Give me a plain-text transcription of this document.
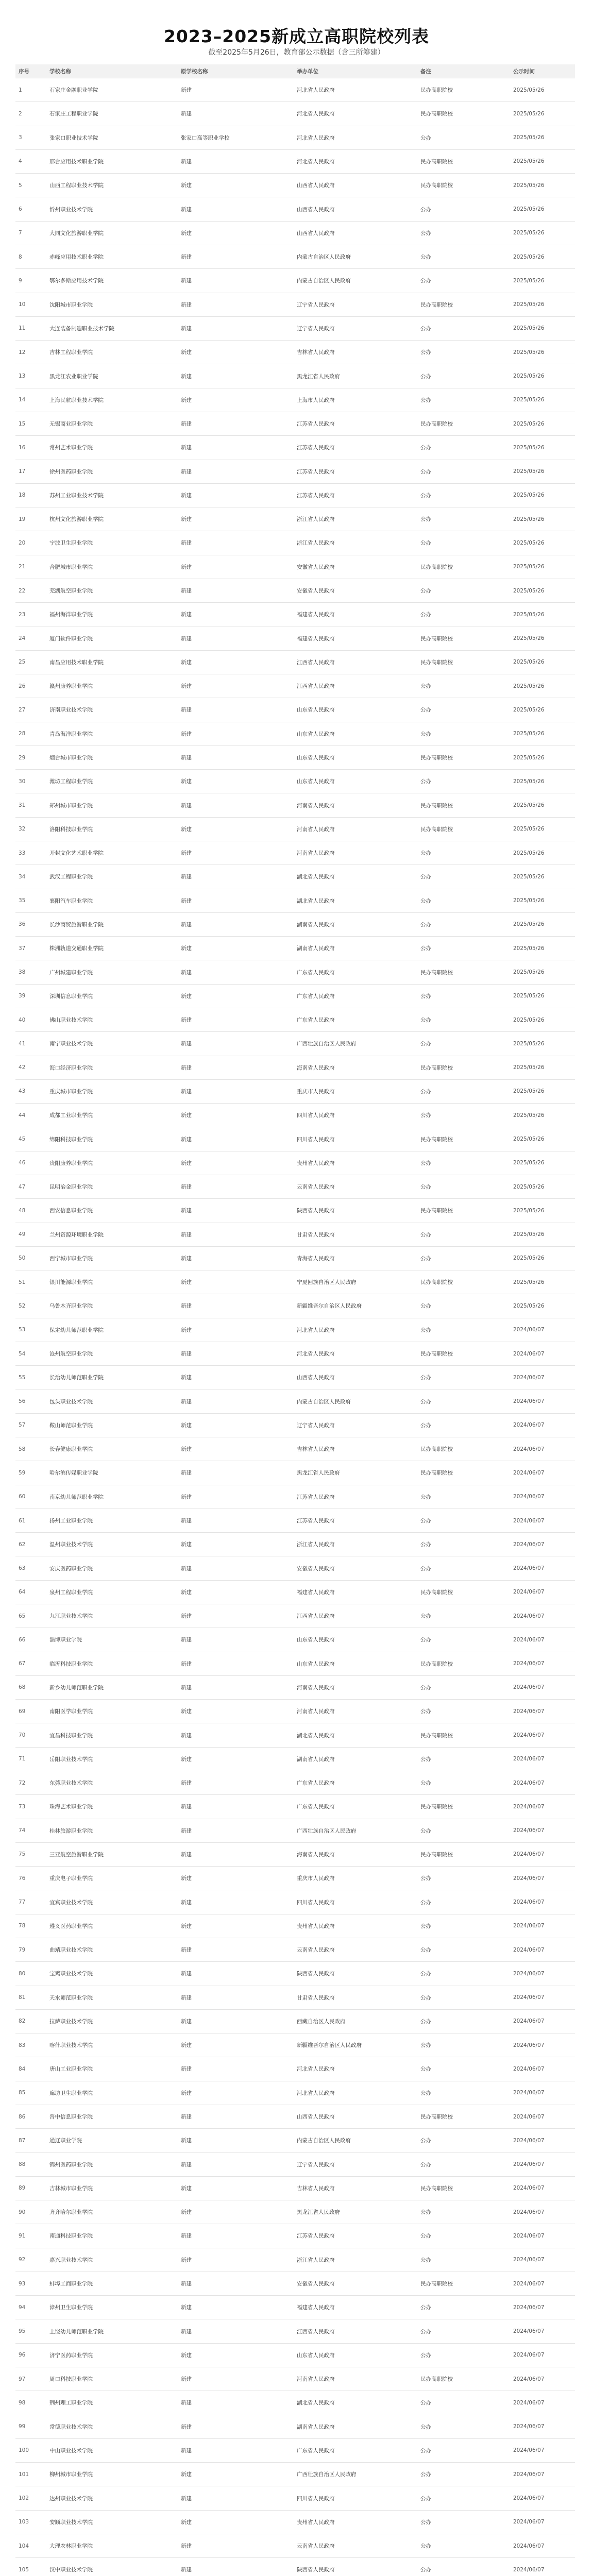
2023–2025新成立高职院校列表
截至2025年5月26日，教育部公示数据（含三所筹建）
序号	学校名称	原学校名称	举办单位	备注	公示时间
1	石家庄金融职业学院	新建	河北省人民政府	民办高职院校	2025/05/26
2	石家庄工程职业学院	新建	河北省人民政府	民办高职院校	2025/05/26
3	张家口职业技术学院	张家口高等职业学校	河北省人民政府	公办	2025/05/26
4	邢台应用技术职业学院	新建	河北省人民政府	民办高职院校	2025/05/26
5	山西工程职业技术学院	新建	山西省人民政府	民办高职院校	2025/05/26
6	忻州职业技术学院	新建	山西省人民政府	公办	2025/05/26
7	大同文化旅游职业学院	新建	山西省人民政府	公办	2025/05/26
8	赤峰应用技术职业学院	新建	内蒙古自治区人民政府	公办	2025/05/26
9	鄂尔多斯应用技术学院	新建	内蒙古自治区人民政府	公办	2025/05/26
10	沈阳城市职业学院	新建	辽宁省人民政府	民办高职院校	2025/05/26
11	大连装备制造职业技术学院	新建	辽宁省人民政府	公办	2025/05/26
12	吉林工程职业学院	新建	吉林省人民政府	公办	2025/05/26
13	黑龙江农业职业学院	新建	黑龙江省人民政府	公办	2025/05/26
14	上海民航职业技术学院	新建	上海市人民政府	公办	2025/05/26
15	无锡商业职业学院	新建	江苏省人民政府	民办高职院校	2025/05/26
16	常州艺术职业学院	新建	江苏省人民政府	公办	2025/05/26
17	徐州医药职业学院	新建	江苏省人民政府	公办	2025/05/26
18	苏州工业职业技术学院	新建	江苏省人民政府	公办	2025/05/26
19	杭州文化旅游职业学院	新建	浙江省人民政府	公办	2025/05/26
20	宁波卫生职业学院	新建	浙江省人民政府	公办	2025/05/26
21	合肥城市职业学院	新建	安徽省人民政府	民办高职院校	2025/05/26
22	芜湖航空职业学院	新建	安徽省人民政府	公办	2025/05/26
23	福州海洋职业学院	新建	福建省人民政府	公办	2025/05/26
24	厦门软件职业学院	新建	福建省人民政府	民办高职院校	2025/05/26
25	南昌应用技术职业学院	新建	江西省人民政府	民办高职院校	2025/05/26
26	赣州康养职业学院	新建	江西省人民政府	公办	2025/05/26
27	济南职业技术学院	新建	山东省人民政府	公办	2025/05/26
28	青岛海洋职业学院	新建	山东省人民政府	公办	2025/05/26
29	烟台城市职业学院	新建	山东省人民政府	民办高职院校	2025/05/26
30	潍坊工程职业学院	新建	山东省人民政府	公办	2025/05/26
31	郑州城市职业学院	新建	河南省人民政府	民办高职院校	2025/05/26
32	洛阳科技职业学院	新建	河南省人民政府	民办高职院校	2025/05/26
33	开封文化艺术职业学院	新建	河南省人民政府	公办	2025/05/26
34	武汉工程职业学院	新建	湖北省人民政府	公办	2025/05/26
35	襄阳汽车职业学院	新建	湖北省人民政府	公办	2025/05/26
36	长沙商贸旅游职业学院	新建	湖南省人民政府	公办	2025/05/26
37	株洲轨道交通职业学院	新建	湖南省人民政府	公办	2025/05/26
38	广州城建职业学院	新建	广东省人民政府	民办高职院校	2025/05/26
39	深圳信息职业学院	新建	广东省人民政府	公办	2025/05/26
40	佛山职业技术学院	新建	广东省人民政府	公办	2025/05/26
41	南宁职业技术学院	新建	广西壮族自治区人民政府	公办	2025/05/26
42	海口经济职业学院	新建	海南省人民政府	民办高职院校	2025/05/26
43	重庆城市职业学院	新建	重庆市人民政府	公办	2025/05/26
44	成都工业职业学院	新建	四川省人民政府	公办	2025/05/26
45	绵阳科技职业学院	新建	四川省人民政府	民办高职院校	2025/05/26
46	贵阳康养职业学院	新建	贵州省人民政府	公办	2025/05/26
47	昆明冶金职业学院	新建	云南省人民政府	公办	2025/05/26
48	西安信息职业学院	新建	陕西省人民政府	民办高职院校	2025/05/26
49	兰州资源环境职业学院	新建	甘肃省人民政府	公办	2025/05/26
50	西宁城市职业学院	新建	青海省人民政府	公办	2025/05/26
51	银川能源职业学院	新建	宁夏回族自治区人民政府	民办高职院校	2025/05/26
52	乌鲁木齐职业学院	新建	新疆维吾尔自治区人民政府	公办	2025/05/26
53	保定幼儿师范职业学院	新建	河北省人民政府	公办	2024/06/07
54	沧州航空职业学院	新建	河北省人民政府	民办高职院校	2024/06/07
55	长治幼儿师范职业学院	新建	山西省人民政府	公办	2024/06/07
56	包头职业技术学院	新建	内蒙古自治区人民政府	公办	2024/06/07
57	鞍山师范职业学院	新建	辽宁省人民政府	公办	2024/06/07
58	长春健康职业学院	新建	吉林省人民政府	民办高职院校	2024/06/07
59	哈尔滨传媒职业学院	新建	黑龙江省人民政府	民办高职院校	2024/06/07
60	南京幼儿师范职业学院	新建	江苏省人民政府	公办	2024/06/07
61	扬州工业职业学院	新建	江苏省人民政府	公办	2024/06/07
62	温州职业技术学院	新建	浙江省人民政府	公办	2024/06/07
63	安庆医药职业学院	新建	安徽省人民政府	公办	2024/06/07
64	泉州工程职业学院	新建	福建省人民政府	民办高职院校	2024/06/07
65	九江职业技术学院	新建	江西省人民政府	公办	2024/06/07
66	淄博职业学院	新建	山东省人民政府	公办	2024/06/07
67	临沂科技职业学院	新建	山东省人民政府	民办高职院校	2024/06/07
68	新乡幼儿师范职业学院	新建	河南省人民政府	公办	2024/06/07
69	南阳医学职业学院	新建	河南省人民政府	公办	2024/06/07
70	宜昌科技职业学院	新建	湖北省人民政府	民办高职院校	2024/06/07
71	岳阳职业技术学院	新建	湖南省人民政府	公办	2024/06/07
72	东莞职业技术学院	新建	广东省人民政府	公办	2024/06/07
73	珠海艺术职业学院	新建	广东省人民政府	民办高职院校	2024/06/07
74	桂林旅游职业学院	新建	广西壮族自治区人民政府	公办	2024/06/07
75	三亚航空旅游职业学院	新建	海南省人民政府	民办高职院校	2024/06/07
76	重庆电子职业学院	新建	重庆市人民政府	公办	2024/06/07
77	宜宾职业技术学院	新建	四川省人民政府	公办	2024/06/07
78	遵义医药职业学院	新建	贵州省人民政府	公办	2024/06/07
79	曲靖职业技术学院	新建	云南省人民政府	公办	2024/06/07
80	宝鸡职业技术学院	新建	陕西省人民政府	公办	2024/06/07
81	天水师范职业学院	新建	甘肃省人民政府	公办	2024/06/07
82	拉萨职业技术学院	新建	西藏自治区人民政府	公办	2024/06/07
83	喀什职业技术学院	新建	新疆维吾尔自治区人民政府	公办	2024/06/07
84	唐山工业职业学院	新建	河北省人民政府	公办	2024/06/07
85	廊坊卫生职业学院	新建	河北省人民政府	公办	2024/06/07
86	晋中信息职业学院	新建	山西省人民政府	民办高职院校	2024/06/07
87	通辽职业学院	新建	内蒙古自治区人民政府	公办	2024/06/07
88	锦州医药职业学院	新建	辽宁省人民政府	公办	2024/06/07
89	吉林城市职业学院	新建	吉林省人民政府	民办高职院校	2024/06/07
90	齐齐哈尔职业学院	新建	黑龙江省人民政府	公办	2024/06/07
91	南通科技职业学院	新建	江苏省人民政府	公办	2024/06/07
92	嘉兴职业技术学院	新建	浙江省人民政府	公办	2024/06/07
93	蚌埠工商职业学院	新建	安徽省人民政府	民办高职院校	2024/06/07
94	漳州卫生职业学院	新建	福建省人民政府	公办	2024/06/07
95	上饶幼儿师范职业学院	新建	江西省人民政府	公办	2024/06/07
96	济宁医药职业学院	新建	山东省人民政府	公办	2024/06/07
97	周口科技职业学院	新建	河南省人民政府	民办高职院校	2024/06/07
98	荆州理工职业学院	新建	湖北省人民政府	公办	2024/06/07
99	常德职业技术学院	新建	湖南省人民政府	公办	2024/06/07
100	中山职业技术学院	新建	广东省人民政府	公办	2024/06/07
101	柳州城市职业学院	新建	广西壮族自治区人民政府	公办	2024/06/07
102	达州职业技术学院	新建	四川省人民政府	公办	2024/06/07
103	安顺职业技术学院	新建	贵州省人民政府	公办	2024/06/07
104	大理农林职业学院	新建	云南省人民政府	公办	2024/06/07
105	汉中职业技术学院	新建	陕西省人民政府	公办	2024/06/07
